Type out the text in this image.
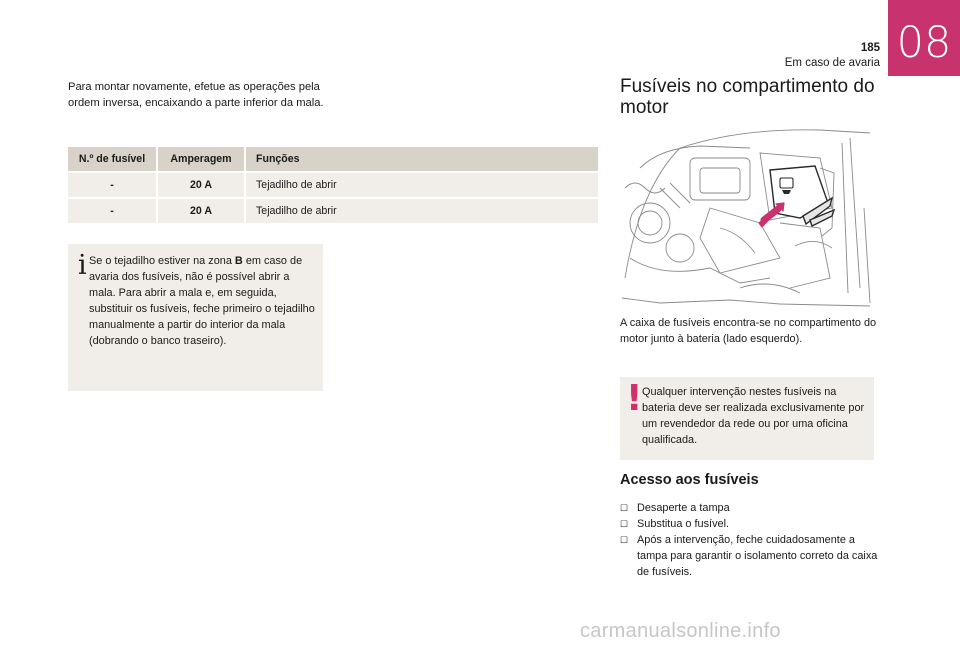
185
Em caso de avaria 08

Para montar novamente, efetue as operações pela ordem inversa, encaixando a parte inferior da mala.

N.º de fusível	Amperagem	Funções
-	20 A	Tejadilho de abrir
-	20 A	Tejadilho de abrir
i Se o tejadilho estiver na zona B em caso de avaria dos fusíveis, não é possível abrir a mala. Para abrir a mala e, em seguida, substituir os fusíveis, feche primeiro o tejadilho manualmente a partir do interior da mala (dobrando o banco traseiro).

Fusíveis no compartimento do motor

A caixa de fusíveis encontra-se no compartimento do motor junto à bateria (lado esquerdo).

! Qualquer intervenção nestes fusíveis na bateria deve ser realizada exclusivamente por um revendedor da rede ou por uma oficina qualificada.

Acesso aos fusíveis
☐ Desaperte a tampa
☐ Substitua o fusível.
☐ Após a intervenção, feche cuidadosamente a tampa para garantir o isolamento correto da caixa de fusíveis.
carmanualsonline.info
